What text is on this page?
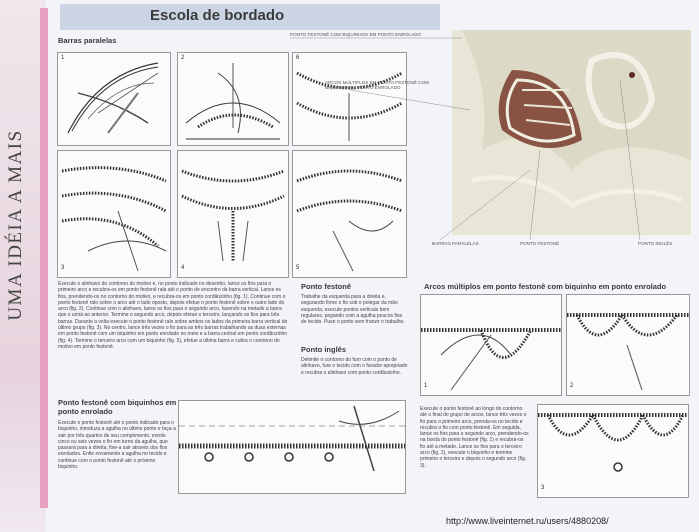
UMA IDÉIA A MAIS
Escola de bordado
Barras paralelas
1	2
3	4	5
6
Execute o alinhavo de contorno do motivo e, no ponto indicado no desenho, lance os fios para o primeiro arco e recubra-os em ponto festonê rala até o ponto de encontro da barra vertical. Lance os fios, prendendo-os no contorno do motivo, e recubra-os em ponto cordãozinho (fig. 1). Continue com o ponto festonê ralo sobre o arco até o lado oposto, depois efetue o ponto festonê sobre o outro lado do arco (fig. 2). Continue com o alinhavo, lance os fios para o segundo arco, fazendo na metade a barra que o unirá ao anterior. Termine o segundo arco, depois efetue o terceiro, lançando os fios para três barras. Durante a volta execute o ponto festonê ralo sobre ambos os lados da primeira barra vertical do último grupo (fig. 3). No centro, lance três vezes o fio para as três barras trabalhando as duas externas em ponto festonê com um biquinho em ponto enrolado no meio e a barra central em ponto cordãozinho (fig. 4). Termine o terceiro arco com um biquinho (fig. 5), efetue a última barra e cubra o contorno do motivo em ponto festonê.
Ponto festonê
Trabalhe da esquerda para a direita e, segurando firme o fio sob o polegar da mão esquerda, execute pontos verticais bem regulares, pegando com a agulha poucos fios de tecido. Puxe o ponto sem franzir o trabalho.
Ponto inglês
Delimite o contorno do furo com o ponto de alinhavo, fure o tecido com o furador apropriado e recubra o alinhavo com ponto cordãozinho.
Arcos múltiplos em ponto festonê com biquinho em ponto enrolado
1	2
Execute o ponto festonê ao longo do contorno até o final do grupo de arcos, lance três vezes o fio para o primeiro arco, prenda-os no tecido e recubra o fio com ponto festonê. Em seguida, lance os fios para o segundo arco, prendendo-os na borda do ponto festonê (fig. 1) e recubra-os fio até a metade. Lance os fios para o terceiro arco (fig. 2), execute o biquinho e termine primeiro o terceiro e depois o segundo arco (fig. 3).
3
Ponto festonê com biquinhos em ponto enrolado
Execute o ponto festonê até o ponto indicado para o biquinho, introduza a agulha no último ponto e faça-a sair por três quartos de seu comprimento, enrole cinco ou seis vezes o fio em torno da agulha, que passará para a direita, fixe-a sair através dos fios enrolados. Enfie novamente a agulha no tecido e continue com o ponto festonê até o próximo biquinho.
PONTO FESTONÊ COM BIQUINHOS EM PONTO ENROLADO
ARCOS MÚLTIPLOS EM PONTO FESTONÊ COM BIQUINHO EM PONTO ENROLADO
BARRAS PARALELAS	PONTO FESTONÊ	PONTO INGLÊS
http://www.liveinternet.ru/users/4880208/
